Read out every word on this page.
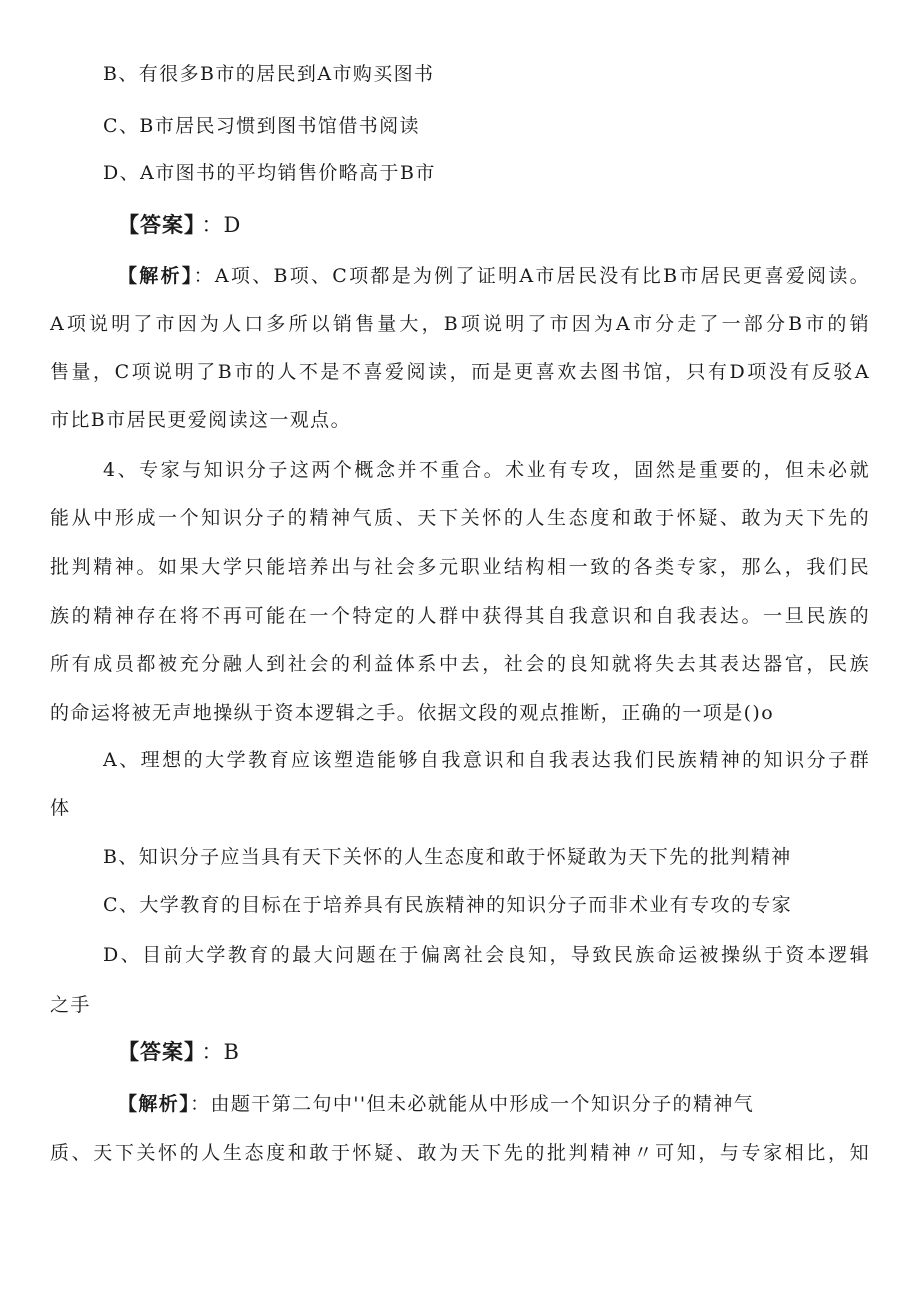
B、有很多B市的居民到A市购买图书
C、B市居民习惯到图书馆借书阅读
D、A市图书的平均销售价略高于B市
【答案】 ：D
【解析】：A项、B项、C项都是为例了证明A市居民没有比B市居民更喜爱阅读。
A项说明了市因为人口多所以销售量大，B项说明了市因为A市分走了一部分B市的销
售量，C项说明了B市的人不是不喜爱阅读，而是更喜欢去图书馆，只有D项没有反驳A
市比B市居民更爱阅读这一观点。
4、专家与知识分子这两个概念并不重合。术业有专攻，固然是重要的，但未必就
能从中形成一个知识分子的精神气质、天下关怀的人生态度和敢于怀疑、敢为天下先的
批判精神。如果大学只能培养出与社会多元职业结构相一致的各类专家，那么，我们民
族的精神存在将不再可能在一个特定的人群中获得其自我意识和自我表达。一旦民族的
所有成员都被充分融人到社会的利益体系中去，社会的良知就将失去其表达器官，民族
的命运将被无声地操纵于资本逻辑之手。依据文段的观点推断，正确的一项是()o
A、理想的大学教育应该塑造能够自我意识和自我表达我们民族精神的知识分子群
体
B、知识分子应当具有天下关怀的人生态度和敢于怀疑敢为天下先的批判精神
C、大学教育的目标在于培养具有民族精神的知识分子而非术业有专攻的专家
D、目前大学教育的最大问题在于偏离社会良知，导致民族命运被操纵于资本逻辑
之手
【答案】 ：B
【解析】：由题干第二句中''但未必就能从中形成一个知识分子的精神气
质、天下关怀的人生态度和敢于怀疑、敢为天下先的批判精神〃可知，与专家相比，知
